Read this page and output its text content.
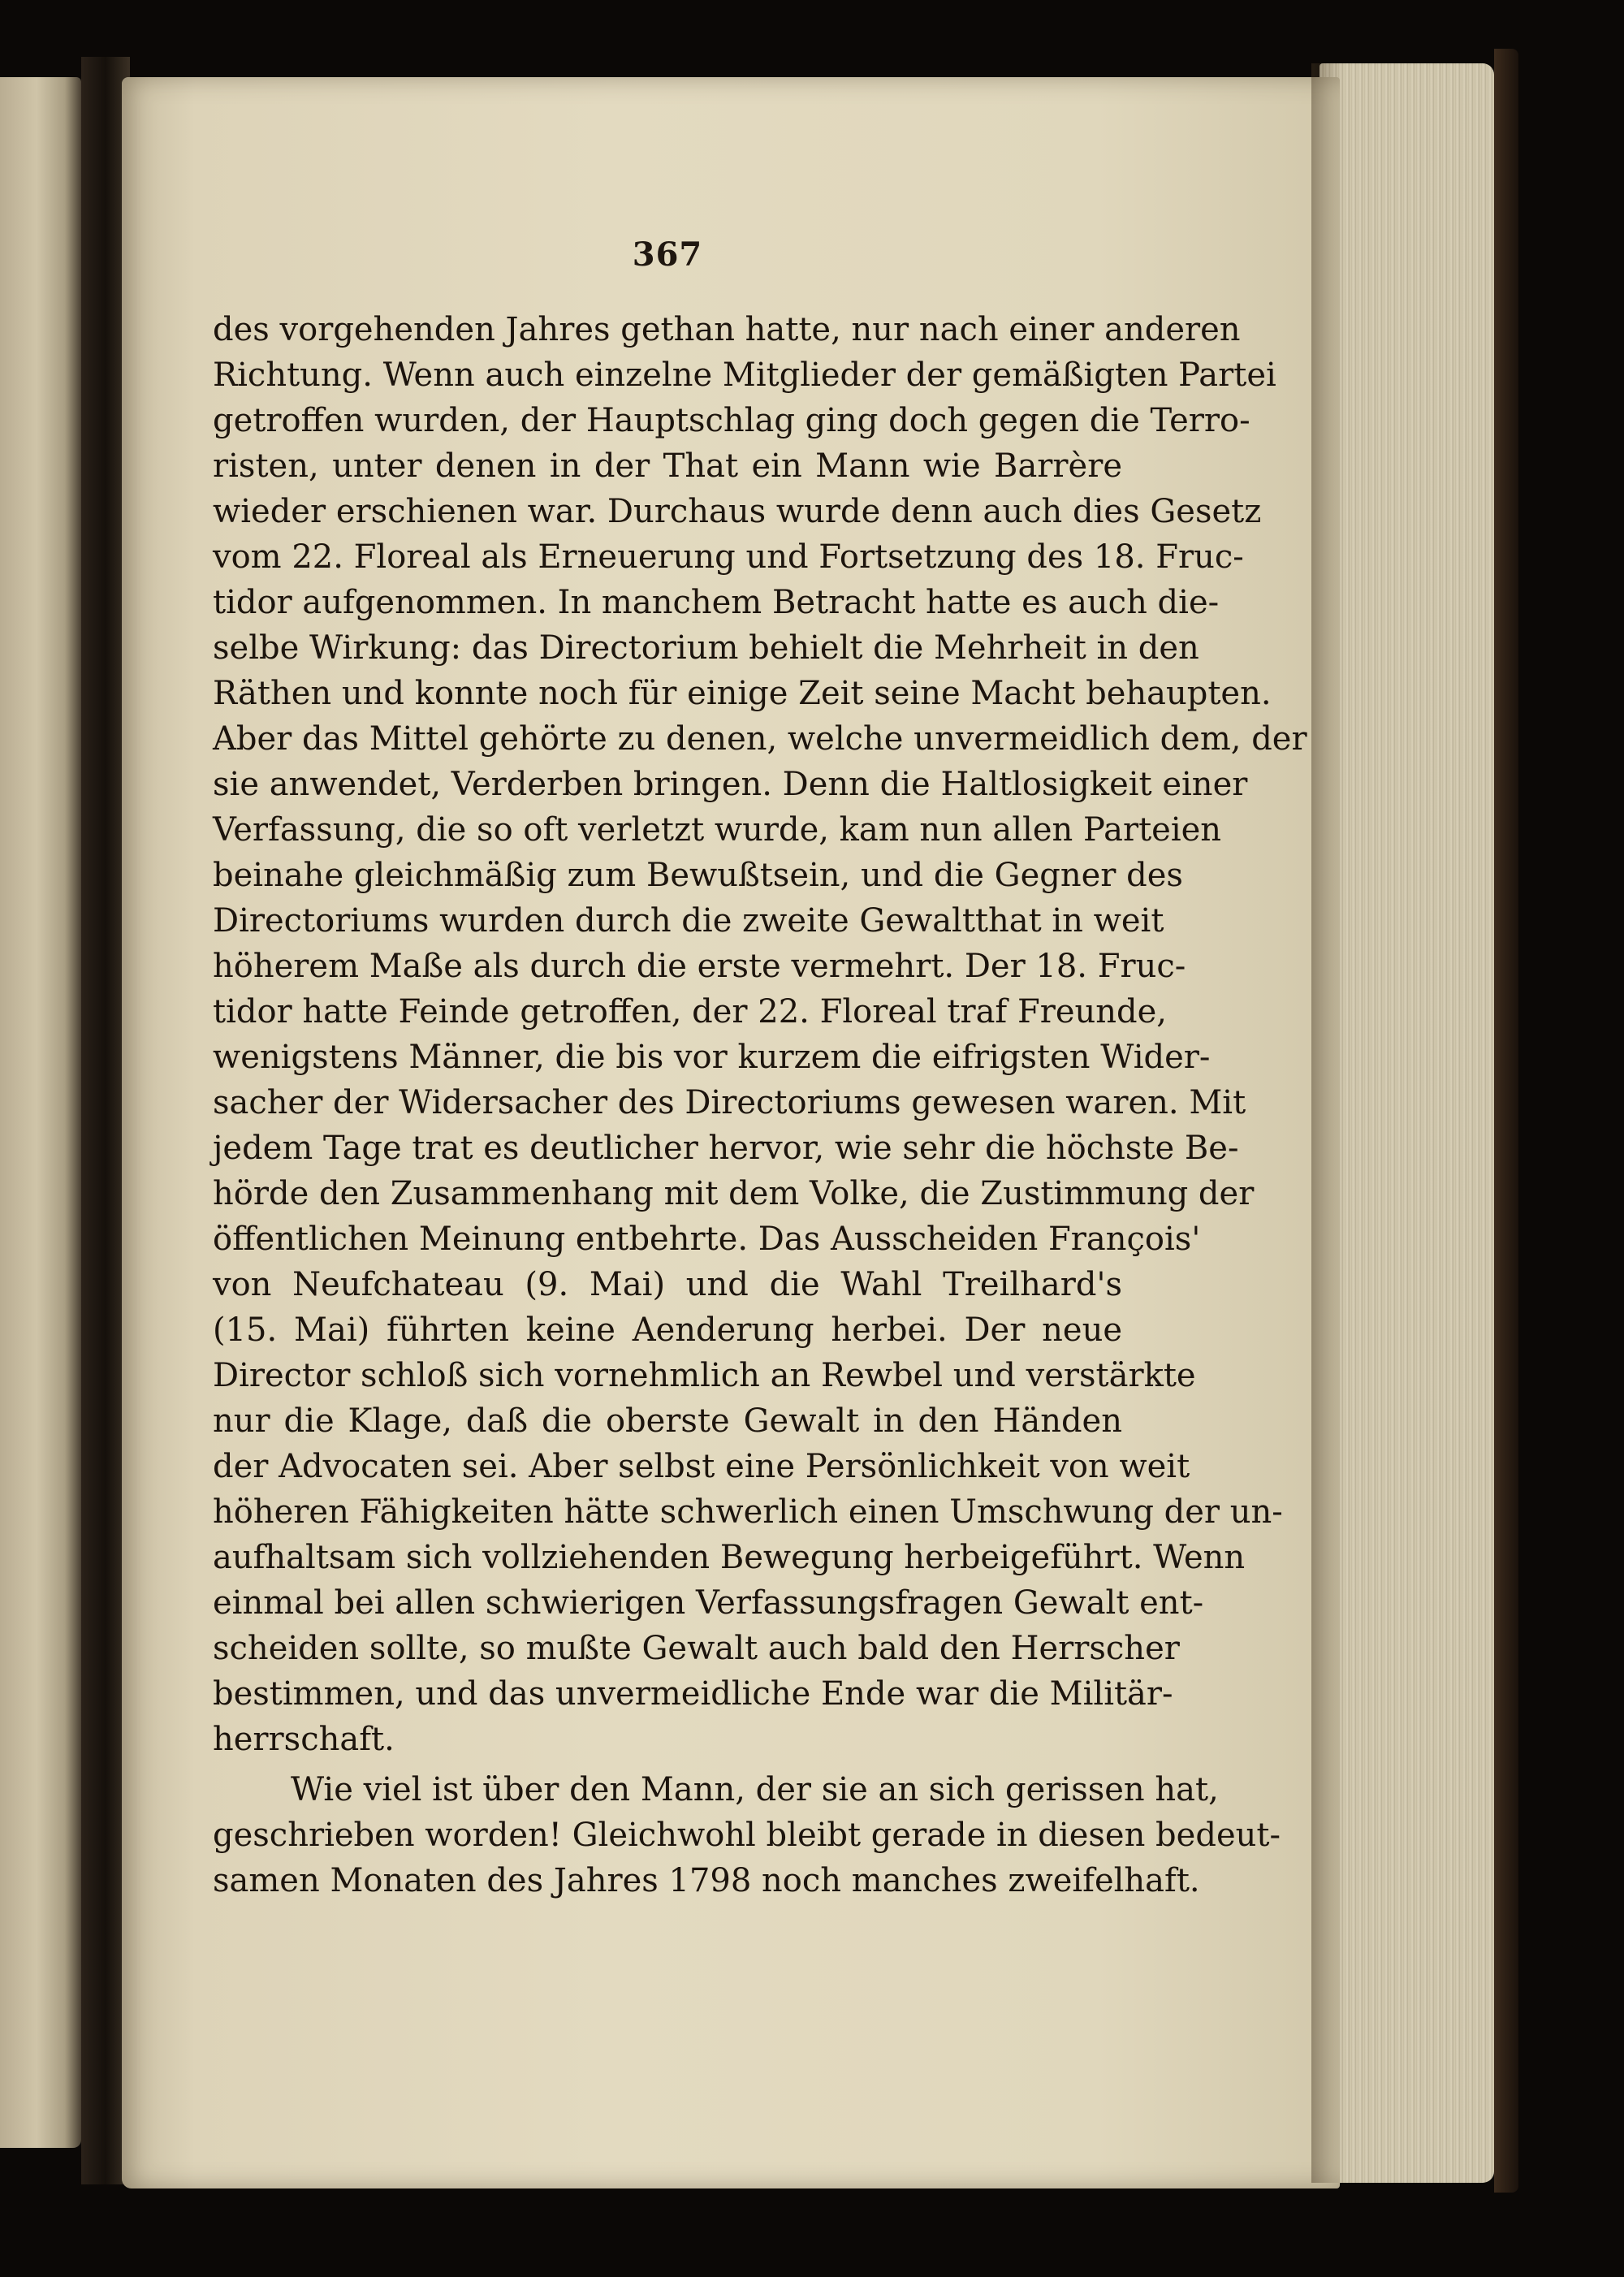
367
des vorgehenden Jahres gethan hatte, nur nach einer anderen
Richtung. Wenn auch einzelne Mitglieder der gemäßigten Partei
getroffen wurden, der Hauptschlag ging doch gegen die Terro-
risten, unter denen in der That ein Mann wie Barrère
wieder erschienen war. Durchaus wurde denn auch dies Gesetz
vom 22. Floreal als Erneuerung und Fortsetzung des 18. Fruc-
tidor aufgenommen. In manchem Betracht hatte es auch die-
selbe Wirkung: das Directorium behielt die Mehrheit in den
Räthen und konnte noch für einige Zeit seine Macht behaupten.
Aber das Mittel gehörte zu denen, welche unvermeidlich dem, der
sie anwendet, Verderben bringen. Denn die Haltlosigkeit einer
Verfassung, die so oft verletzt wurde, kam nun allen Parteien
beinahe gleichmäßig zum Bewußtsein, und die Gegner des
Directoriums wurden durch die zweite Gewaltthat in weit
höherem Maße als durch die erste vermehrt. Der 18. Fruc-
tidor hatte Feinde getroffen, der 22. Floreal traf Freunde,
wenigstens Männer, die bis vor kurzem die eifrigsten Wider-
sacher der Widersacher des Directoriums gewesen waren. Mit
jedem Tage trat es deutlicher hervor, wie sehr die höchste Be-
hörde den Zusammenhang mit dem Volke, die Zustimmung der
öffentlichen Meinung entbehrte. Das Ausscheiden François'
von Neufchateau (9. Mai) und die Wahl Treilhard's
(15. Mai) führten keine Aenderung herbei. Der neue
Director schloß sich vornehmlich an Rewbel und verstärkte
nur die Klage, daß die oberste Gewalt in den Händen
der Advocaten sei. Aber selbst eine Persönlichkeit von weit
höheren Fähigkeiten hätte schwerlich einen Umschwung der un-
aufhaltsam sich vollziehenden Bewegung herbeigeführt. Wenn
einmal bei allen schwierigen Verfassungsfragen Gewalt ent-
scheiden sollte, so mußte Gewalt auch bald den Herrscher
bestimmen, und das unvermeidliche Ende war die Militär-
herrschaft.
Wie viel ist über den Mann, der sie an sich gerissen hat,
geschrieben worden! Gleichwohl bleibt gerade in diesen bedeut-
samen Monaten des Jahres 1798 noch manches zweifelhaft.
